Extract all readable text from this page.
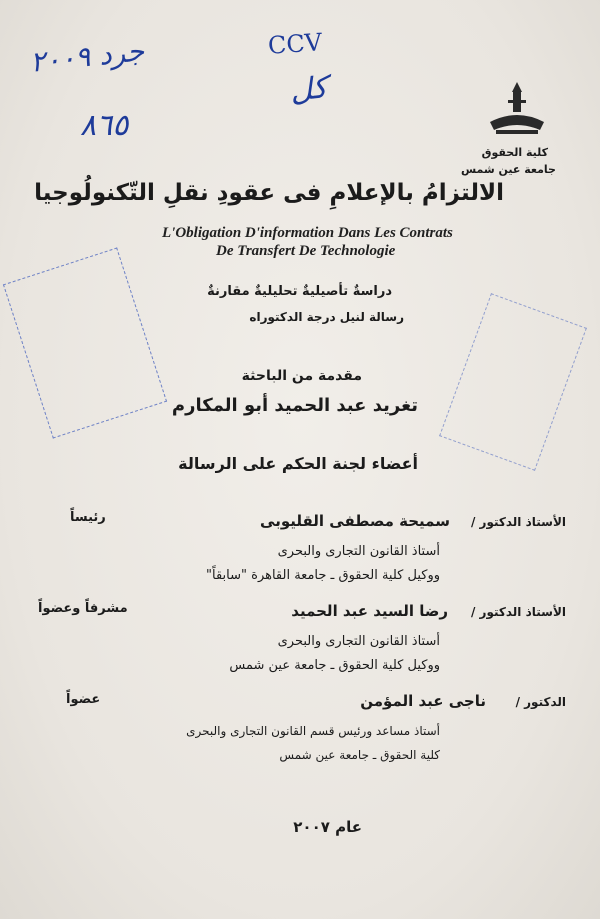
جرد ٢٠٠٩
٨٦٥
CCV
كل
كلية الحقوق
جامعة عين شمس
الالتزامُ بالإعلامِ فى عقودِ نقلِ التّكنولُوجيا
L'Obligation D'information Dans Les Contrats
De Transfert De Technologie
دراسةٌ تأصيليةٌ تحليليةٌ مقارنةٌ
رسالة لنيل درجة الدكتوراه
مقدمة من الباحثة
تغريد عبد الحميد أبو المكارم
أعضاء لجنة الحكم على الرسالة
الأستاذ الدكتور /
سميحة مصطفى القليوبى
رئيساً
أستاذ القانون التجارى والبحرى
ووكيل كلية الحقوق ـ جامعة القاهرة "سابقاً"
الأستاذ الدكتور /
رضا السيد عبد الحميد
مشرفاً وعضواً
أستاذ القانون التجارى والبحرى
ووكيل كلية الحقوق ـ جامعة عين شمس
الدكتور /
ناجى عبد المؤمن
عضواً
أستاذ مساعد ورئيس قسم القانون التجارى والبحرى
كلية الحقوق ـ جامعة عين شمس
عام ٢٠٠٧
